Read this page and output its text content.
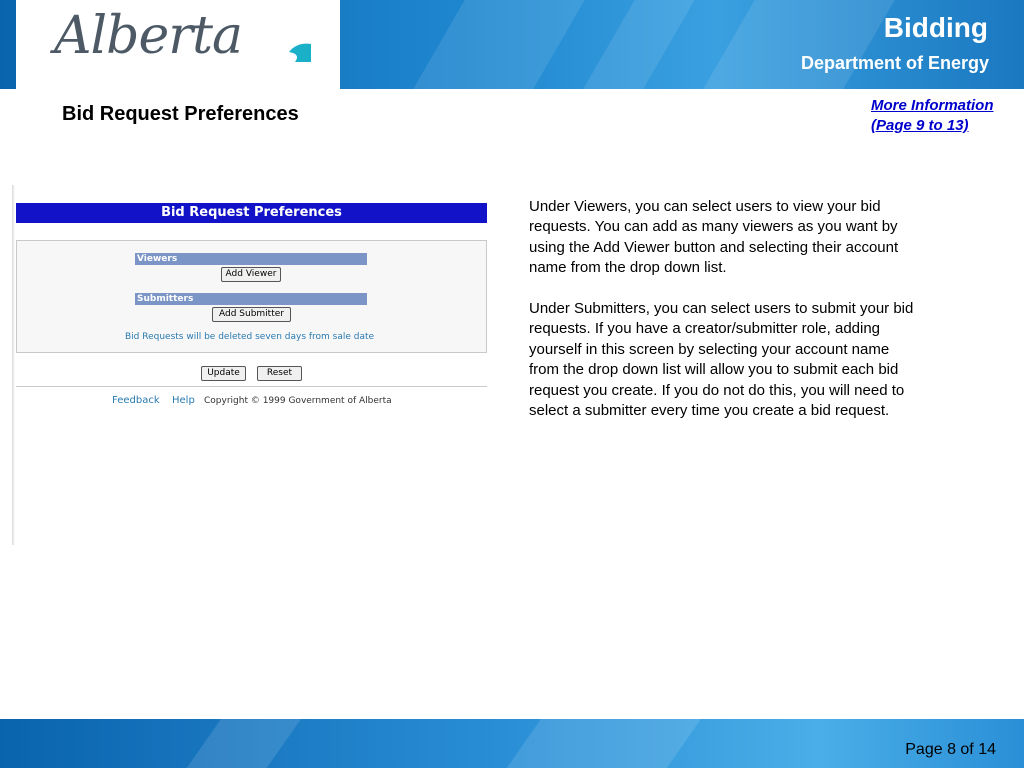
Alberta	Bidding
Department of Energy
Bid Request Preferences	More Information
(Page 9 to 13)
Bid Request Preferences
Viewers
Add Viewer
Submitters
Add Submitter
Bid Requests will be deleted seven days from sale date
Update	Reset
Feedback Help Copyright © 1999 Government of Alberta

Under Viewers, you can select users to view your bid requests. You can add as many viewers as you want by using the Add Viewer button and selecting their account name from the drop down list.

Under Submitters, you can select users to submit your bid requests. If you have a creator/submitter role, adding yourself in this screen by selecting your account name from the drop down list will allow you to submit each bid request you create. If you do not do this, you will need to select a submitter every time you create a bid request.

Page 8 of 14
